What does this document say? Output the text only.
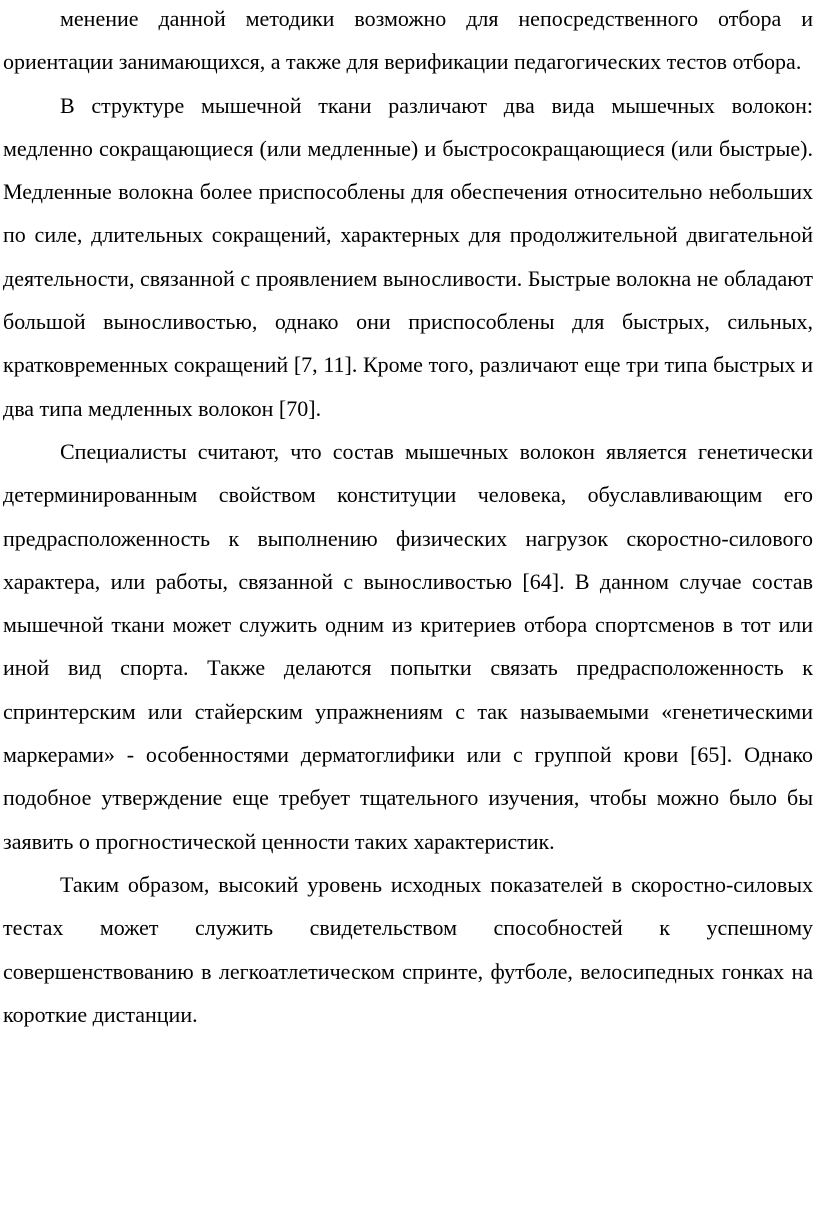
менение данной методики возможно для непосредственного отбора и ориентации занимающихся, а также для верификации педагогических тестов отбора.

В структуре мышечной ткани различают два вида мышечных волокон: медленно сокращающиеся (или медленные) и быстросокращающиеся (или быстрые). Медленные волокна более приспособлены для обеспечения относительно небольших по силе, длительных сокращений, характерных для продолжительной двигательной деятельности, связанной с проявлением выносливости. Быстрые волокна не обладают большой выносливостью, однако они приспособлены для быстрых, сильных, кратковременных сокращений [7, 11]. Кроме того, различают еще три типа быстрых и два типа медленных волокон [70].

Специалисты считают, что состав мышечных волокон является генетически детерминированным свойством конституции человека, обуславливающим его предрасположенность к выполнению физических нагрузок скоростно-силового характера, или работы, связанной с выносливостью [64]. В данном случае состав мышечной ткани может служить одним из критериев отбора спортсменов в тот или иной вид спорта. Также делаются попытки связать предрасположенность к спринтерским или стайерским упражнениям с так называемыми «генетическими маркерами» - особенностями дерматоглифики или с группой крови [65]. Однако подобное утверждение еще требует тщательного изучения, чтобы можно было бы заявить о прогностической ценности таких характеристик.

Таким образом, высокий уровень исходных показателей в скоростно-силовых тестах может служить свидетельством способностей к успешному совершенствованию в легкоатлетическом спринте, футболе, велосипедных гонках на короткие дистанции.
